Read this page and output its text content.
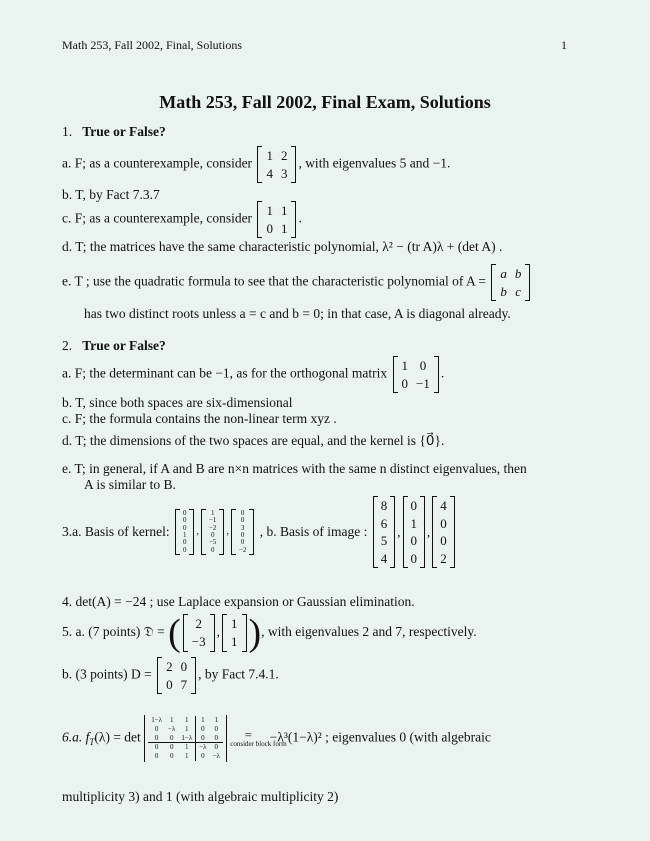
Math 253, Fall 2002, Final, Solutions	1
Math 253, Fall 2002, Final Exam, Solutions
1. True or False?
a. F; as a counterexample, consider
1	2
4	3
, with eigenvalues 5 and −1.
b. T, by Fact 7.3.7
c. F; as a counterexample, consider
1	1
0	1
.
d. T; the matrices have the same characteristic polynomial, λ² − (tr A)λ + (det A) .
e. T ; use the quadratic formula to see that the characteristic polynomial of A =
a	b
b	c
has two distinct roots unless a = c and b = 0; in that case, A is diagonal already.
2. True or False?
a. F; the determinant can be −1, as for the orthogonal matrix
1	0
0	−1
.
b. T, since both spaces are six-dimensional
c. F; the formula contains the non-linear term xyz .
d. T; the dimensions of the two spaces are equal, and the kernel is {0⃗}.
e. T; in general, if A and B are n×n matrices with the same n distinct eigenvalues, then
A is similar to B.
3.a. Basis of kernel:
0
0
0
1
0
0
,
1
−1
−2
0
−5
0
,
0
0
3
0
0
−2
, b. Basis of image :
8
6
5
4
,
0
1
0
0
,
4
0
0
2
4. det(A) = −24 ; use Laplace expansion or Gaussian elimination.
5. a. (7 points) 𝔇 = ( 2
−3
,
1
1 ), with eigenvalues 2 and 7, respectively.
b. (3 points) D =
2	0
0	7
, by Fact 7.4.1.
6.a. $f_T(\lambda) = \det$
1−λ	1	1	1	1
0	−λ	1	0	0
0	0	1−λ	0	0
0	0	1	−λ	0
0	0	1	0	−λ
=
consider block form −λ³(1−λ)² ; eigenvalues 0 (with algebraic
multiplicity 3) and 1 (with algebraic multiplicity 2)
